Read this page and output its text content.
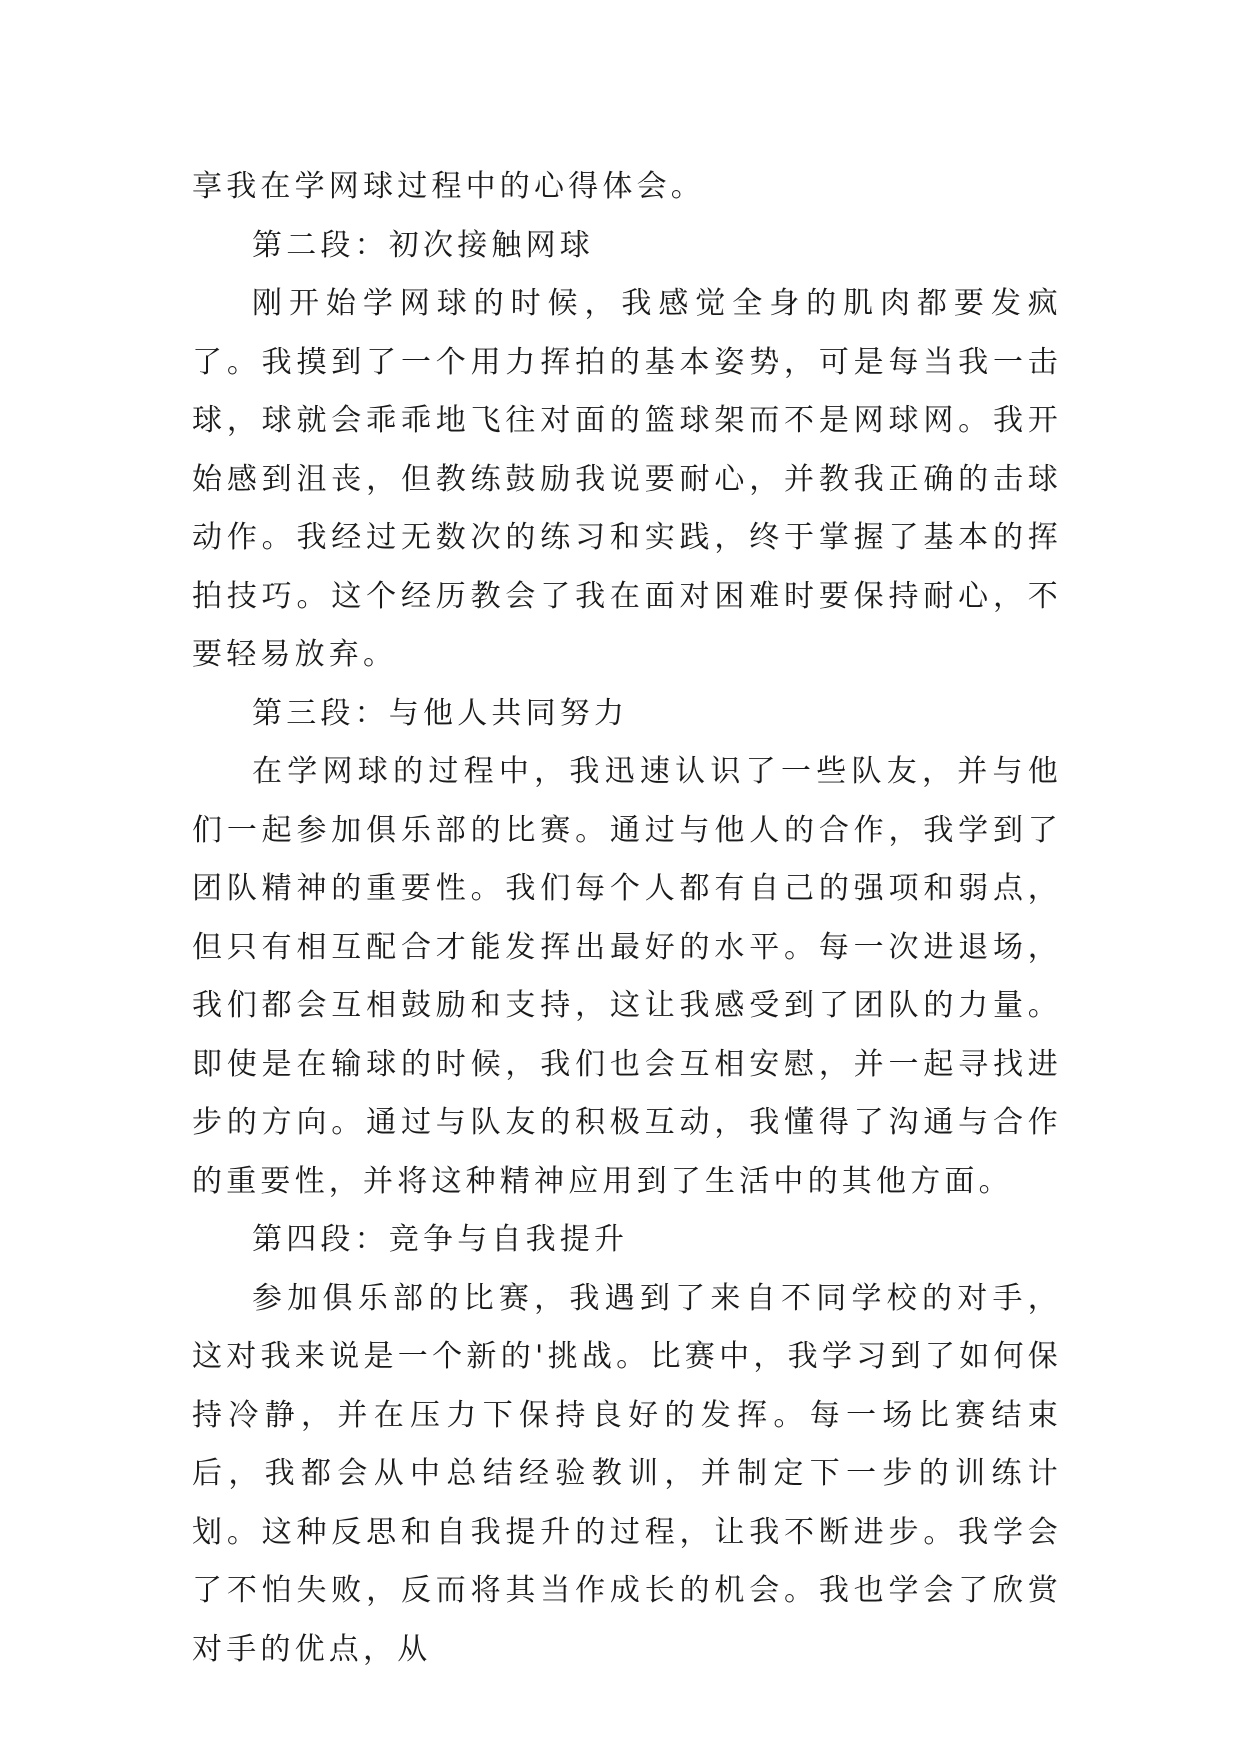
享我在学网球过程中的心得体会。

第二段：初次接触网球

刚开始学网球的时候，我感觉全身的肌肉都要发疯了。我摸到了一个用力挥拍的基本姿势，可是每当我一击球，球就会乖乖地飞往对面的篮球架而不是网球网。我开始感到沮丧，但教练鼓励我说要耐心，并教我正确的击球动作。我经过无数次的练习和实践，终于掌握了基本的挥拍技巧。这个经历教会了我在面对困难时要保持耐心，不要轻易放弃。

第三段：与他人共同努力

在学网球的过程中，我迅速认识了一些队友，并与他们一起参加俱乐部的比赛。通过与他人的合作，我学到了团队精神的重要性。我们每个人都有自己的强项和弱点，但只有相互配合才能发挥出最好的水平。每一次进退场，我们都会互相鼓励和支持，这让我感受到了团队的力量。即使是在输球的时候，我们也会互相安慰，并一起寻找进步的方向。通过与队友的积极互动，我懂得了沟通与合作的重要性，并将这种精神应用到了生活中的其他方面。

第四段：竞争与自我提升

参加俱乐部的比赛，我遇到了来自不同学校的对手，这对我来说是一个新的'挑战。比赛中，我学习到了如何保持冷静，并在压力下保持良好的发挥。每一场比赛结束后，我都会从中总结经验教训，并制定下一步的训练计划。这种反思和自我提升的过程，让我不断进步。我学会了不怕失败，反而将其当作成长的机会。我也学会了欣赏对手的优点，从
